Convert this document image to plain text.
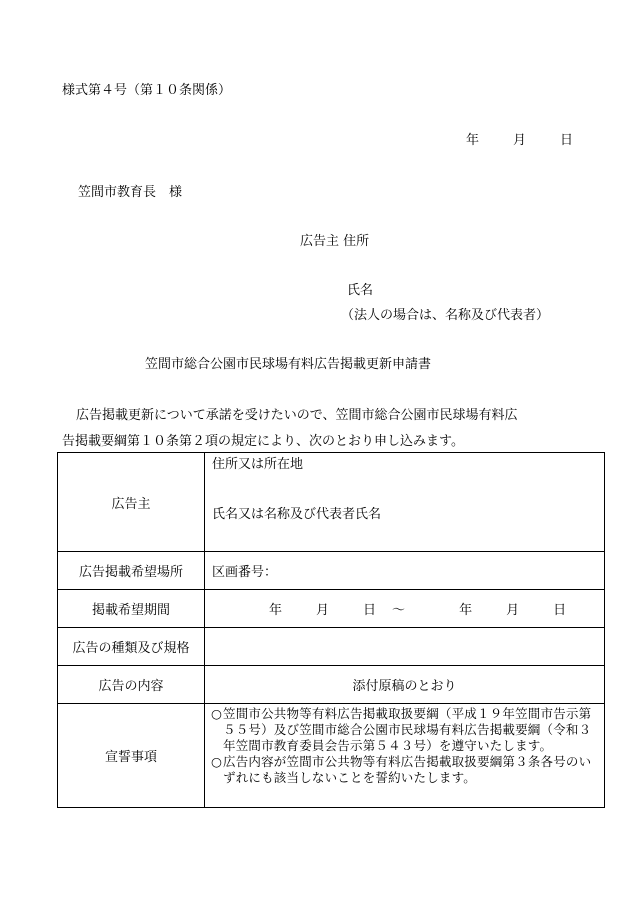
様式第４号（第１０条関係）
年	月	日
笠間市教育長　様
広告主 住所
氏名
（法人の場合は、名称及び代表者）
笠間市総合公園市民球場有料広告掲載更新申請書

広告掲載更新について承諾を受けたいので、笠間市総合公園市民球場有料広

告掲載要綱第１０条第２項の規定により、次のとおり申し込みます。

広告主	住所又は所在地
氏名又は名称及び代表者氏名

広告掲載希望場所	区画番号：
掲載希望期間	年 月 日 ～ 年 月 日
広告の種類及び規格	
広告の内容	添付原稿のとおり
宣誓事項	○ 笠間市公共物等有料広告掲載取扱要綱（平成１９年笠間市告示第５５号）及び笠間市総合公園市民球場有料広告掲載要綱（令和３年笠間市教育委員会告示第５４３号）を遵守いたします。
○ 広告内容が笠間市公共物等有料広告掲載取扱要綱第３条各号のいずれにも該当しないことを誓約いたします。
